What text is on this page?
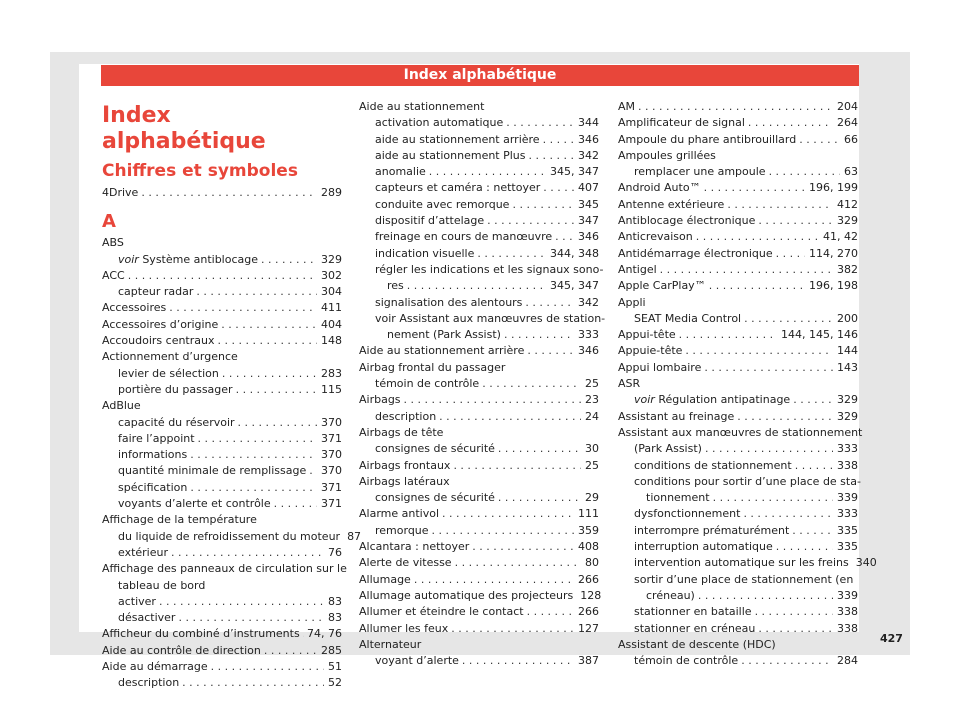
Index alphabétique
Index alphabétique
Chiffres et symboles
4Drive . . .	289
A
ABS
voir Système antiblocage . . .	329
ACC . . .	302
capteur radar . . .	304
Accessoires . . .	411
Accessoires d’origine . . .	404
Accoudoirs centraux . . .	148
Actionnement d’urgence
levier de sélection . . .	283
portière du passager . . .	115
AdBlue
capacité du réservoir . . .	370
faire l’appoint . . .	371
informations . . .	370
quantité minimale de remplissage . . . 370
spécification . . .	371
voyants d’alerte et contrôle . . .	371
Affichage de la température
du liquide de refroidissement du moteur 87
extérieur . . .	76
Affichage des panneaux de circulation sur le
tableau de bord
activer . . .	83
désactiver . . .	83
Afficheur du combiné d’instruments . . . 74, 76
Aide au contrôle de direction . . .	285
Aide au démarrage . . .	51
description . . .	52
Aide au stationnement
activation automatique . . .	344
aide au stationnement arrière . . .	346
aide au stationnement Plus . . .	342
anomalie . . .	345, 347
capteurs et caméra : nettoyer . . .	407
conduite avec remorque . . .	345
dispositif d’attelage . . .	347
freinage en cours de manœuvre . . . 346
indication visuelle . . .	344, 348
régler les indications et les signaux sono-
res . . .	345, 347
signalisation des alentours . . .	342
voir Assistant aux manœuvres de station-
nement (Park Assist) . . .	333
Aide au stationnement arrière . . .	346
Airbag frontal du passager
témoin de contrôle . . .	25
Airbags . . .	23
description . . .	24
Airbags de tête
consignes de sécurité . . .	30
Airbags frontaux . . .	25
Airbags latéraux
consignes de sécurité . . .	29
Alarme antivol . . .	111
remorque . . .	359
Alcantara : nettoyer . . .	408
Alerte de vitesse . . .	80
Allumage . . .	266
Allumage automatique des projecteurs 128
Allumer et éteindre le contact . . .	266
Allumer les feux . . .	127
Alternateur
voyant d’alerte . . .	387
AM . . .	204
Amplificateur de signal . . .	264
Ampoule du phare antibrouillard . . .	66
Ampoules grillées
remplacer une ampoule . . .	63
Android Auto™ . . .	196, 199
Antenne extérieure . . .	412
Antiblocage électronique . . .	329
Anticrevaison . . .	41, 42
Antidémarrage électronique . . .	114, 270
Antigel . . .	382
Apple CarPlay™ . . .	196, 198
Appli
SEAT Media Control . . .	200
Appui-tête . . .	144, 145, 146
Appuie-tête . . .	144
Appui lombaire . . .	143
ASR
voir Régulation antipatinage . . .	329
Assistant au freinage . . .	329
Assistant aux manœuvres de stationnement
(Park Assist) . . .	333
conditions de stationnement . . .	338
conditions pour sortir d’une place de sta-
tionnement . . .	339
dysfonctionnement . . .	333
interrompre prématurément . . .	335
interruption automatique . . .	335
intervention automatique sur les freins 340
sortir d’une place de stationnement (en
créneau) . . .	339
stationner en bataille . . .	338
stationner en créneau . . .	338
Assistant de descente (HDC)
témoin de contrôle . . .	284
427
